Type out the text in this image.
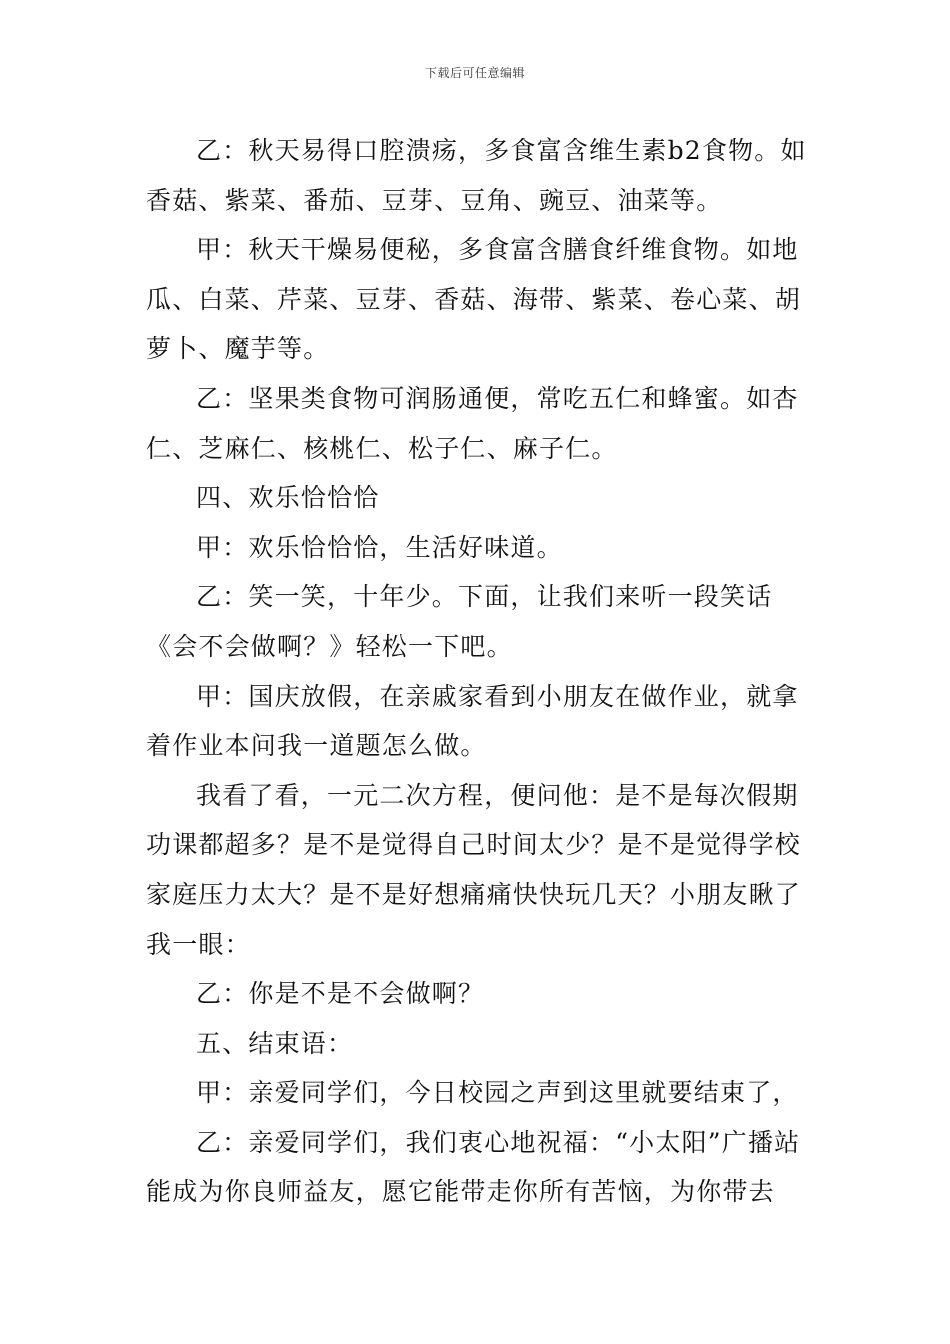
下载后可任意编辑

乙：秋天易得口腔溃疡，多食富含维生素b2食物。如香菇、紫菜、番茄、豆芽、豆角、豌豆、油菜等。

甲：秋天干燥易便秘，多食富含膳食纤维食物。如地瓜、白菜、芹菜、豆芽、香菇、海带、紫菜、卷心菜、胡萝卜、魔芋等。

乙：坚果类食物可润肠通便，常吃五仁和蜂蜜。如杏仁、芝麻仁、核桃仁、松子仁、麻子仁。

四、欢乐恰恰恰

甲：欢乐恰恰恰，生活好味道。

乙：笑一笑，十年少。下面，让我们来听一段笑话《会不会做啊？》轻松一下吧。

甲：国庆放假，在亲戚家看到小朋友在做作业，就拿着作业本问我一道题怎么做。

我看了看，一元二次方程，便问他：是不是每次假期功课都超多？是不是觉得自己时间太少？是不是觉得学校家庭压力太大？是不是好想痛痛快快玩几天？小朋友瞅了我一眼：

乙：你是不是不会做啊？

五、结束语：

甲：亲爱同学们，今日校园之声到这里就要结束了，

乙：亲爱同学们，我们衷心地祝福：“小太阳”广播站能成为你良师益友，愿它能带走你所有苦恼，为你带去
